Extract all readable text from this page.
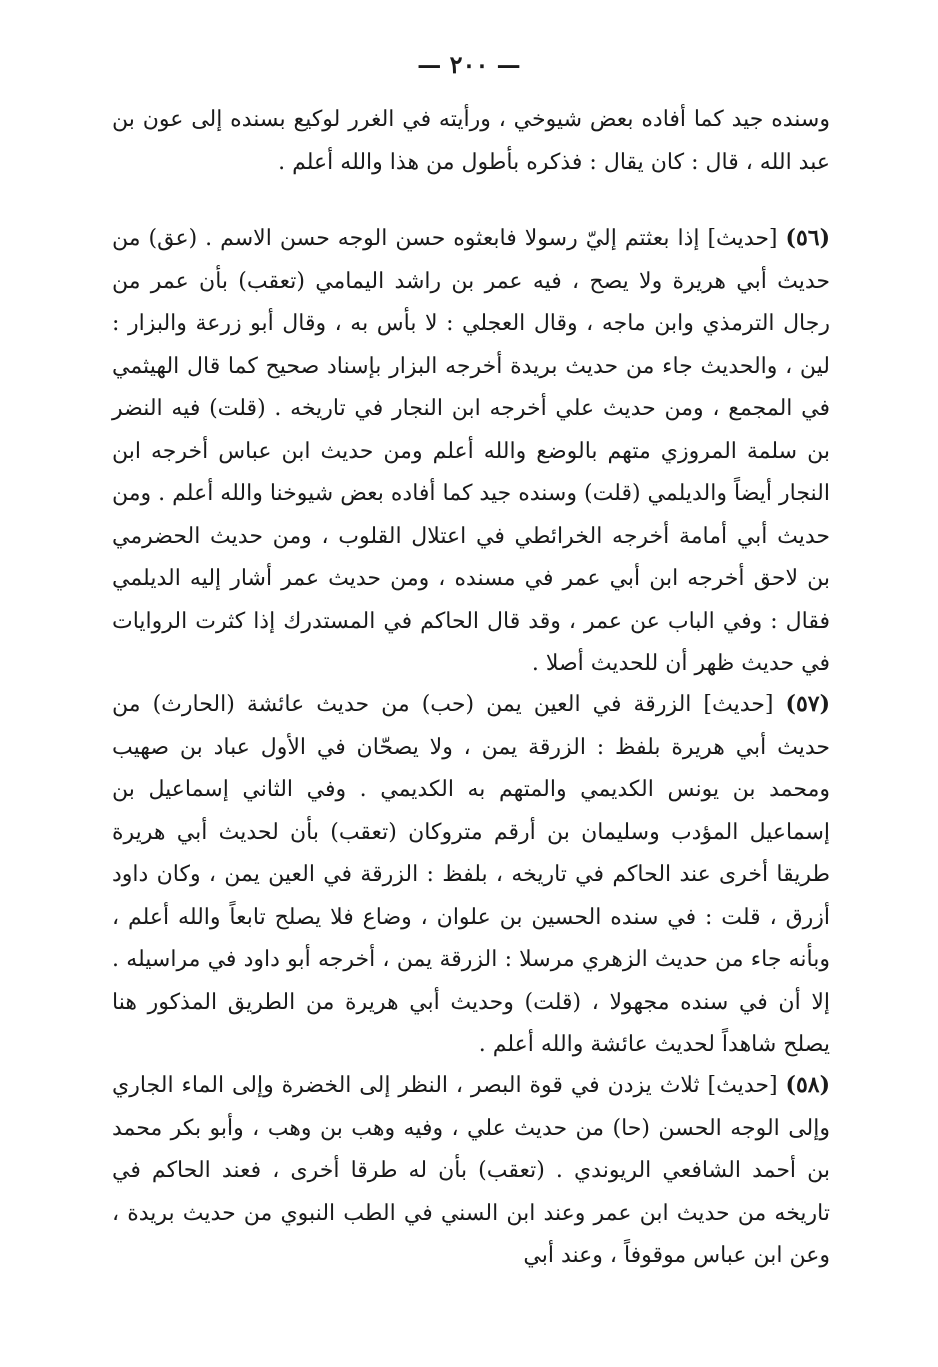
— ٢٠٠ —

وسنده جيد كما أفاده بعض شيوخي ، ورأيته في الغرر لوكيع بسنده إلى عون بن عبد الله ، قال : كان يقال : فذكره بأطول من هذا والله أعلم .

(٥٦) [حديث] إذا بعثتم إليّ رسولا فابعثوه حسن الوجه حسن الاسم . (عق) من حديث أبي هريرة ولا يصح ، فيه عمر بن راشد اليمامي (تعقب) بأن عمر من رجال الترمذي وابن ماجه ، وقال العجلي : لا بأس به ، وقال أبو زرعة والبزار : لين ، والحديث جاء من حديث بريدة أخرجه البزار بإسناد صحيح كما قال الهيثمي في المجمع ، ومن حديث علي أخرجه ابن النجار في تاريخه . (قلت) فيه النضر بن سلمة المروزي متهم بالوضع والله أعلم ومن حديث ابن عباس أخرجه ابن النجار أيضاً والديلمي (قلت) وسنده جيد كما أفاده بعض شيوخنا والله أعلم . ومن حديث أبي أمامة أخرجه الخرائطي في اعتلال القلوب ، ومن حديث الحضرمي بن لاحق أخرجه ابن أبي عمر في مسنده ، ومن حديث عمر أشار إليه الديلمي فقال : وفي الباب عن عمر ، وقد قال الحاكم في المستدرك إذا كثرت الروايات في حديث ظهر أن للحديث أصلا .

(٥٧) [حديث] الزرقة في العين يمن (حب) من حديث عائشة (الحارث) من حديث أبي هريرة بلفظ : الزرقة يمن ، ولا يصحّان في الأول عباد بن صهيب ومحمد بن يونس الكديمي والمتهم به الكديمي . وفي الثاني إسماعيل بن إسماعيل المؤدب وسليمان بن أرقم متروكان (تعقب) بأن لحديث أبي هريرة طريقا أخرى عند الحاكم في تاريخه ، بلفظ : الزرقة في العين يمن ، وكان داود أزرق ، قلت : في سنده الحسين بن علوان ، وضاع فلا يصلح تابعاً والله أعلم ، وبأنه جاء من حديث الزهري مرسلا : الزرقة يمن ، أخرجه أبو داود في مراسيله . إلا أن في سنده مجهولا ، (قلت) وحديث أبي هريرة من الطريق المذكور هنا يصلح شاهداً لحديث عائشة والله أعلم .

(٥٨) [حديث] ثلاث يزدن في قوة البصر ، النظر إلى الخضرة وإلى الماء الجاري وإلى الوجه الحسن (حا) من حديث علي ، وفيه وهب بن وهب ، وأبو بكر محمد بن أحمد الشافعي الريوندي . (تعقب) بأن له طرقا أخرى ، فعند الحاكم في تاريخه من حديث ابن عمر وعند ابن السني في الطب النبوي من حديث بريدة ، وعن ابن عباس موقوفاً ، وعند أبي
